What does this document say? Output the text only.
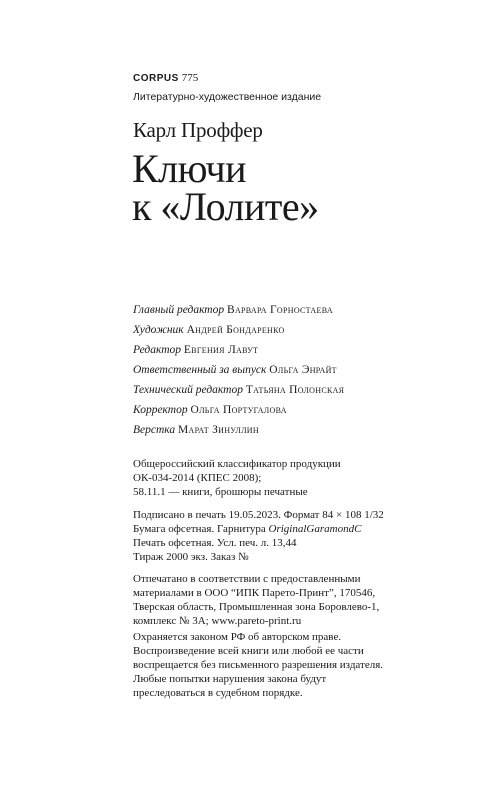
CORPUS 775
Литературно-художественное издание
Карл Проффер
Ключи
к «Лолите»
Главный редактор Варвара Горностаева
Художник Андрей Бондаренко
Редактор Евгения Лавут
Ответственный за выпуск Ольга Энрайт
Технический редактор Татьяна Полонская
Корректор Ольга Португалова
Верстка Марат Зинуллин
Общероссийский классификатор продукции
ОК-034-2014 (КПЕС 2008);
58.11.1 — книги, брошюры печатные
Подписано в печать 19.05.2023. Формат 84 × 108 1/32
Бумага офсетная. Гарнитура OriginalGaramondC
Печать офсетная. Усл. печ. л. 13,44
Тираж 2000 экз. Заказ №
Отпечатано в соответствии с предоставленными
материалами в ООО “ИПК Парето-Принт”, 170546,
Тверская область, Промышленная зона Боровлево-1,
комплекс № 3А; www.pareto-print.ru
Охраняется законом РФ об авторском праве.
Воспроизведение всей книги или любой ее части
воспрещается без письменного разрешения издателя.
Любые попытки нарушения закона будут
преследоваться в судебном порядке.
